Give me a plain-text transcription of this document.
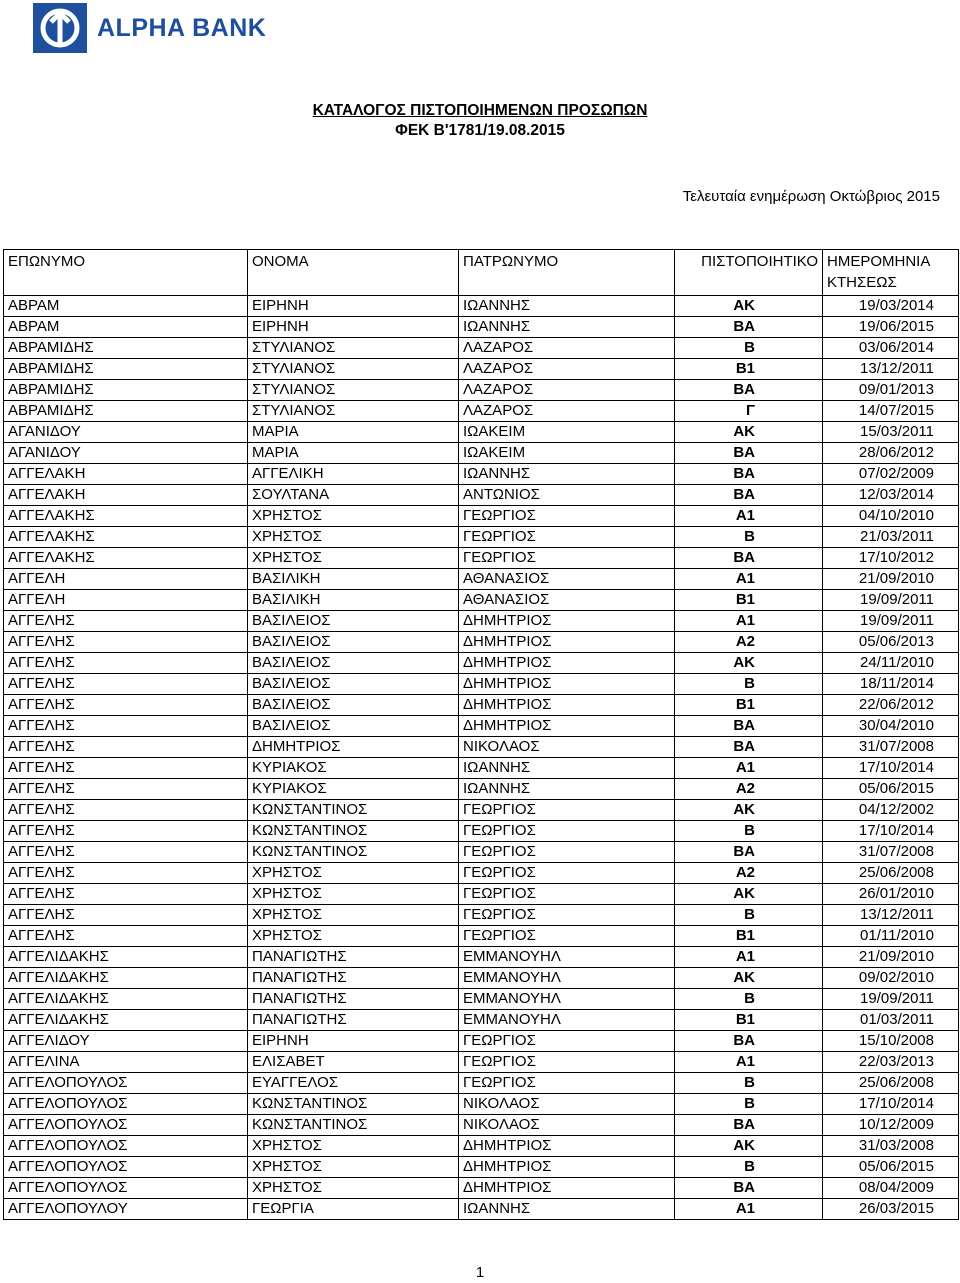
ALPHA BANK
ΚΑΤΑΛΟΓΟΣ ΠΙΣΤΟΠΟΙΗΜΕΝΩΝ ΠΡΟΣΩΠΩΝ
ΦΕΚ Β'1781/19.08.2015
Τελευταία ενημέρωση Οκτώβριος 2015
ΕΠΩΝΥΜΟ	ΟΝΟΜΑ	ΠΑΤΡΩΝΥΜΟ	ΠΙΣΤΟΠΟΙΗΤΙΚΟ	ΗΜΕΡΟΜΗΝΙΑ ΚΤΗΣΕΩΣ
ΑΒΡΑΜ	ΕΙΡΗΝΗ	ΙΩΑΝΝΗΣ	ΑΚ	19/03/2014
ΑΒΡΑΜ	ΕΙΡΗΝΗ	ΙΩΑΝΝΗΣ	ΒΑ	19/06/2015
ΑΒΡΑΜΙΔΗΣ	ΣΤΥΛΙΑΝΟΣ	ΛΑΖΑΡΟΣ	Β	03/06/2014
ΑΒΡΑΜΙΔΗΣ	ΣΤΥΛΙΑΝΟΣ	ΛΑΖΑΡΟΣ	Β1	13/12/2011
ΑΒΡΑΜΙΔΗΣ	ΣΤΥΛΙΑΝΟΣ	ΛΑΖΑΡΟΣ	ΒΑ	09/01/2013
ΑΒΡΑΜΙΔΗΣ	ΣΤΥΛΙΑΝΟΣ	ΛΑΖΑΡΟΣ	Γ	14/07/2015
ΑΓΑΝΙΔΟΥ	ΜΑΡΙΑ	ΙΩΑΚΕΙΜ	ΑΚ	15/03/2011
ΑΓΑΝΙΔΟΥ	ΜΑΡΙΑ	ΙΩΑΚΕΙΜ	ΒΑ	28/06/2012
ΑΓΓΕΛΑΚΗ	ΑΓΓΕΛΙΚΗ	ΙΩΑΝΝΗΣ	ΒΑ	07/02/2009
ΑΓΓΕΛΑΚΗ	ΣΟΥΛΤΑΝΑ	ΑΝΤΩΝΙΟΣ	ΒΑ	12/03/2014
ΑΓΓΕΛΑΚΗΣ	ΧΡΗΣΤΟΣ	ΓΕΩΡΓΙΟΣ	Α1	04/10/2010
ΑΓΓΕΛΑΚΗΣ	ΧΡΗΣΤΟΣ	ΓΕΩΡΓΙΟΣ	Β	21/03/2011
ΑΓΓΕΛΑΚΗΣ	ΧΡΗΣΤΟΣ	ΓΕΩΡΓΙΟΣ	ΒΑ	17/10/2012
ΑΓΓΕΛΗ	ΒΑΣΙΛΙΚΗ	ΑΘΑΝΑΣΙΟΣ	Α1	21/09/2010
ΑΓΓΕΛΗ	ΒΑΣΙΛΙΚΗ	ΑΘΑΝΑΣΙΟΣ	Β1	19/09/2011
ΑΓΓΕΛΗΣ	ΒΑΣΙΛΕΙΟΣ	ΔΗΜΗΤΡΙΟΣ	Α1	19/09/2011
ΑΓΓΕΛΗΣ	ΒΑΣΙΛΕΙΟΣ	ΔΗΜΗΤΡΙΟΣ	Α2	05/06/2013
ΑΓΓΕΛΗΣ	ΒΑΣΙΛΕΙΟΣ	ΔΗΜΗΤΡΙΟΣ	ΑΚ	24/11/2010
ΑΓΓΕΛΗΣ	ΒΑΣΙΛΕΙΟΣ	ΔΗΜΗΤΡΙΟΣ	Β	18/11/2014
ΑΓΓΕΛΗΣ	ΒΑΣΙΛΕΙΟΣ	ΔΗΜΗΤΡΙΟΣ	Β1	22/06/2012
ΑΓΓΕΛΗΣ	ΒΑΣΙΛΕΙΟΣ	ΔΗΜΗΤΡΙΟΣ	ΒΑ	30/04/2010
ΑΓΓΕΛΗΣ	ΔΗΜΗΤΡΙΟΣ	ΝΙΚΟΛΑΟΣ	ΒΑ	31/07/2008
ΑΓΓΕΛΗΣ	ΚΥΡΙΑΚΟΣ	ΙΩΑΝΝΗΣ	Α1	17/10/2014
ΑΓΓΕΛΗΣ	ΚΥΡΙΑΚΟΣ	ΙΩΑΝΝΗΣ	Α2	05/06/2015
ΑΓΓΕΛΗΣ	ΚΩΝΣΤΑΝΤΙΝΟΣ	ΓΕΩΡΓΙΟΣ	ΑΚ	04/12/2002
ΑΓΓΕΛΗΣ	ΚΩΝΣΤΑΝΤΙΝΟΣ	ΓΕΩΡΓΙΟΣ	Β	17/10/2014
ΑΓΓΕΛΗΣ	ΚΩΝΣΤΑΝΤΙΝΟΣ	ΓΕΩΡΓΙΟΣ	ΒΑ	31/07/2008
ΑΓΓΕΛΗΣ	ΧΡΗΣΤΟΣ	ΓΕΩΡΓΙΟΣ	Α2	25/06/2008
ΑΓΓΕΛΗΣ	ΧΡΗΣΤΟΣ	ΓΕΩΡΓΙΟΣ	ΑΚ	26/01/2010
ΑΓΓΕΛΗΣ	ΧΡΗΣΤΟΣ	ΓΕΩΡΓΙΟΣ	Β	13/12/2011
ΑΓΓΕΛΗΣ	ΧΡΗΣΤΟΣ	ΓΕΩΡΓΙΟΣ	Β1	01/11/2010
ΑΓΓΕΛΙΔΑΚΗΣ	ΠΑΝΑΓΙΩΤΗΣ	ΕΜΜΑΝΟΥΗΛ	Α1	21/09/2010
ΑΓΓΕΛΙΔΑΚΗΣ	ΠΑΝΑΓΙΩΤΗΣ	ΕΜΜΑΝΟΥΗΛ	ΑΚ	09/02/2010
ΑΓΓΕΛΙΔΑΚΗΣ	ΠΑΝΑΓΙΩΤΗΣ	ΕΜΜΑΝΟΥΗΛ	Β	19/09/2011
ΑΓΓΕΛΙΔΑΚΗΣ	ΠΑΝΑΓΙΩΤΗΣ	ΕΜΜΑΝΟΥΗΛ	Β1	01/03/2011
ΑΓΓΕΛΙΔΟΥ	ΕΙΡΗΝΗ	ΓΕΩΡΓΙΟΣ	ΒΑ	15/10/2008
ΑΓΓΕΛΙΝΑ	ΕΛΙΣΑΒΕΤ	ΓΕΩΡΓΙΟΣ	Α1	22/03/2013
ΑΓΓΕΛΟΠΟΥΛΟΣ	ΕΥΑΓΓΕΛΟΣ	ΓΕΩΡΓΙΟΣ	Β	25/06/2008
ΑΓΓΕΛΟΠΟΥΛΟΣ	ΚΩΝΣΤΑΝΤΙΝΟΣ	ΝΙΚΟΛΑΟΣ	Β	17/10/2014
ΑΓΓΕΛΟΠΟΥΛΟΣ	ΚΩΝΣΤΑΝΤΙΝΟΣ	ΝΙΚΟΛΑΟΣ	ΒΑ	10/12/2009
ΑΓΓΕΛΟΠΟΥΛΟΣ	ΧΡΗΣΤΟΣ	ΔΗΜΗΤΡΙΟΣ	ΑΚ	31/03/2008
ΑΓΓΕΛΟΠΟΥΛΟΣ	ΧΡΗΣΤΟΣ	ΔΗΜΗΤΡΙΟΣ	Β	05/06/2015
ΑΓΓΕΛΟΠΟΥΛΟΣ	ΧΡΗΣΤΟΣ	ΔΗΜΗΤΡΙΟΣ	ΒΑ	08/04/2009
ΑΓΓΕΛΟΠΟΥΛΟΥ	ΓΕΩΡΓΙΑ	ΙΩΑΝΝΗΣ	Α1	26/03/2015
1
